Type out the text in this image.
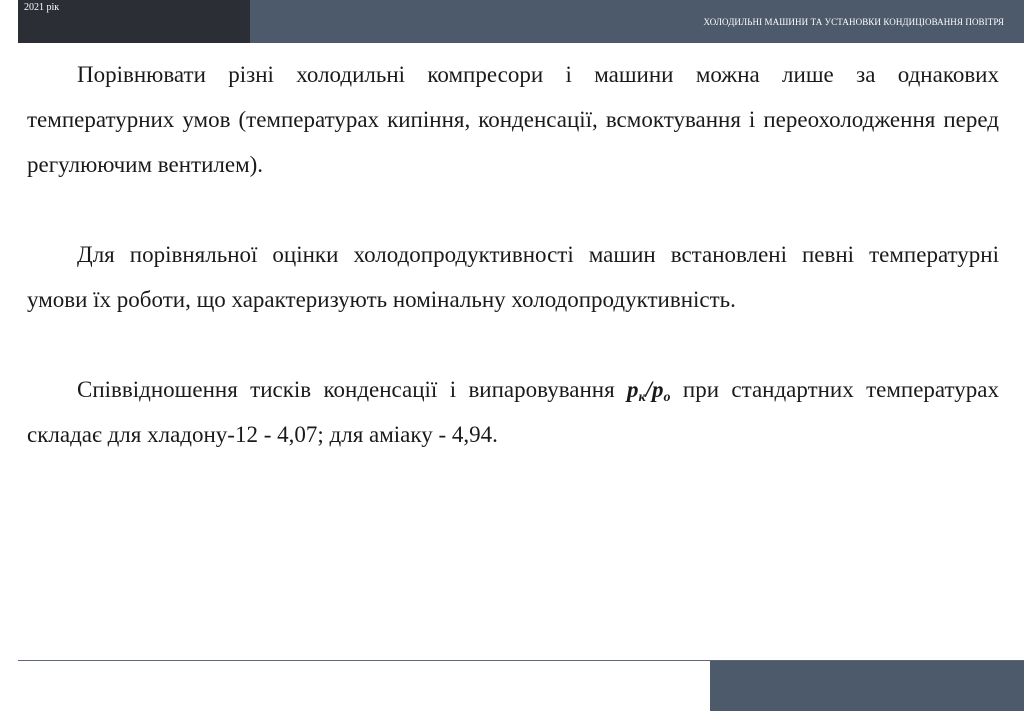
2021 рік
ХОЛОДИЛЬНІ МАШИНИ ТА УСТАНОВКИ КОНДИЦІОВАННЯ ПОВІТРЯ

Порівнювати різні холодильні компресори і машини можна лише за однакових температурних умов (температурах кипіння, конденсації, всмоктування і переохолодження перед регулюючим вентилем).

Для порівняльної оцінки холодопродуктивності машин встановлені певні температурні умови їх роботи, що характеризують номінальну холодопродуктивність.

Співвідношення тисків конденсації і випаровування $p_к/p_о$ при стандартних температурах складає для хладону-12 - 4,07; для аміаку - 4,94.
